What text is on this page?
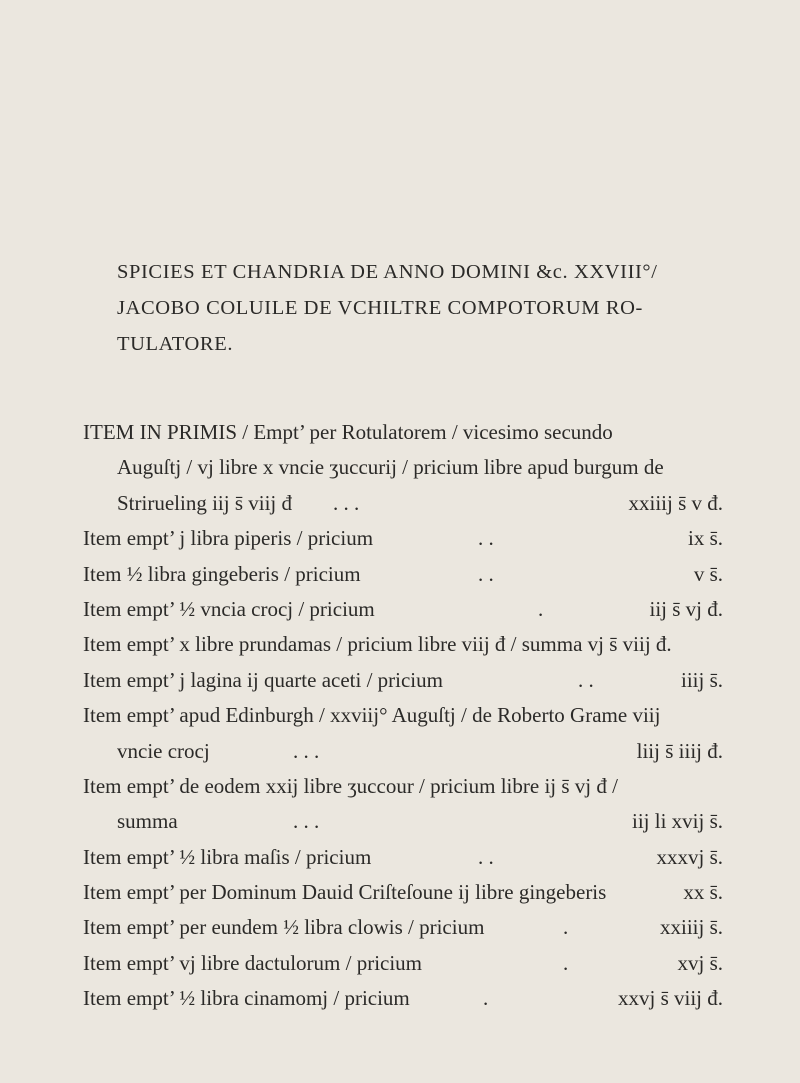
SPICIES ET CHANDRIA DE ANNO DOMINI &c. XXVIII°/
JACOBO COLUILE DE VCHILTRE COMPOTORUM RO-
TULATORE.
ITEM IN PRIMIS / Empt’ per Rotulatorem / vicesimo secundo
Auguſtj / vj libre x vncie ʒuccurij / pricium libre apud burgum de
Strirueling iij s̄ viij đ . . .	xxiiij s̄ v đ.
Item empt’ j libra piperis / pricium	. .	ix s̄.
Item ½ libra gingeberis / pricium	. .	v s̄.
Item empt’ ½ vncia crocj / pricium	.	iij s̄ vj đ.
Item empt’ x libre prundamas / pricium libre viij đ / summa vj s̄ viij đ.
Item empt’ j lagina ij quarte aceti / pricium	. .	iiij s̄.
Item empt’ apud Edinburgh / xxviij° Auguſtj / de Roberto Grame viij
vncie crocj	. . .	liij s̄ iiij đ.
Item empt’ de eodem xxij libre ʒuccour / pricium libre ij s̄ vj đ /
summa	. . .	iij li xvij s̄.
Item empt’ ½ libra maſis / pricium	. .	xxxvj s̄.
Item empt’ per Dominum Dauid Criſteſoune ij libre gingeberis	xx s̄.
Item empt’ per eundem ½ libra clowis / pricium	.	xxiiij s̄.
Item empt’ vj libre dactulorum / pricium	.	xvj s̄.
Item empt’ ½ libra cinamomj / pricium	.	xxvj s̄ viij đ.
